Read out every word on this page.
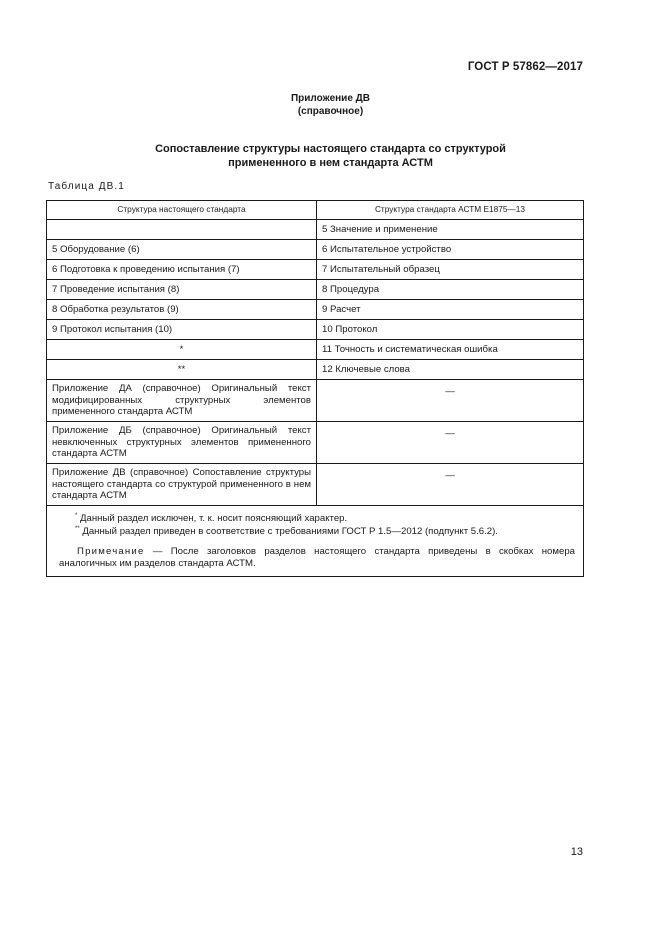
ГОСТ Р 57862—2017
Приложение ДВ
(справочное)
Сопоставление структуры настоящего стандарта со структурой
примененного в нем стандарта АСТМ
Таблица ДВ.1
Структура настоящего стандарта	Структура стандарта АСТМ E1875—13
	5 Значение и применение
5 Оборудование (6)	6 Испытательное устройство
6 Подготовка к проведению испытания (7)	7 Испытательный образец
7 Проведение испытания (8)	8 Процедура
8 Обработка результатов (9)	9 Расчет
9 Протокол испытания (10)	10 Протокол
*	11 Точность и систематическая ошибка
**	12 Ключевые слова
Приложение ДА (справочное) Оригинальный текст модифицированных структурных элементов примененного стандарта АСТМ	—
Приложение ДБ (справочное) Оригинальный текст невключенных структурных элементов примененного стандарта АСТМ	—
Приложение ДВ (справочное) Сопоставление структуры настоящего стандарта со структурой примененного в нем стандарта АСТМ	—

* Данный раздел исключен, т. к. носит поясняющий характер.
** Данный раздел приведен в соответствие с требованиями ГОСТ Р 1.5—2012 (подпункт 5.6.2).
Примечание — После заголовков разделов настоящего стандарта приведены в скобках номера аналогичных им разделов стандарта АСТМ.	
13
